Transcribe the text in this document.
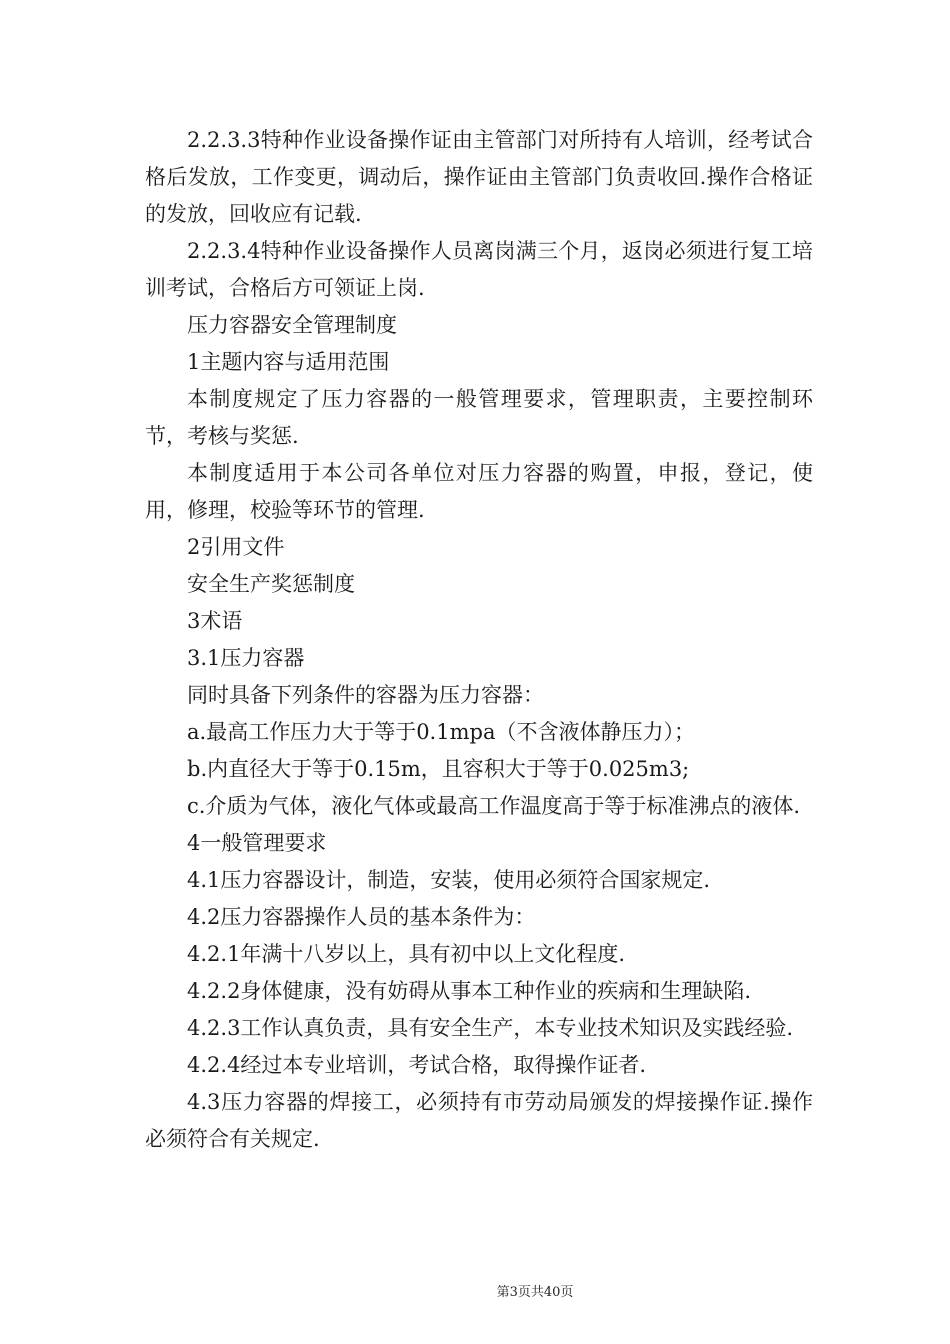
2.2.3.3特种作业设备操作证由主管部门对所持有人培训，经考试合格后发放，工作变更，调动后，操作证由主管部门负责收回.操作合格证的发放，回收应有记载.

2.2.3.4特种作业设备操作人员离岗满三个月，返岗必须进行复工培训考试，合格后方可领证上岗.

压力容器安全管理制度

1主题内容与适用范围

本制度规定了压力容器的一般管理要求，管理职责，主要控制环节，考核与奖惩.

本制度适用于本公司各单位对压力容器的购置，申报，登记，使用，修理，校验等环节的管理.

2引用文件

安全生产奖惩制度

3术语

3.1压力容器

同时具备下列条件的容器为压力容器：

a.最高工作压力大于等于0.1mpa（不含液体静压力）；

b.内直径大于等于0.15m，且容积大于等于0.025m3;

c.介质为气体，液化气体或最高工作温度高于等于标准沸点的液体.

4一般管理要求

4.1压力容器设计，制造，安装，使用必须符合国家规定.

4.2压力容器操作人员的基本条件为：

4.2.1年满十八岁以上，具有初中以上文化程度.

4.2.2身体健康，没有妨碍从事本工种作业的疾病和生理缺陷.

4.2.3工作认真负责，具有安全生产，本专业技术知识及实践经验.

4.2.4经过本专业培训，考试合格，取得操作证者.

4.3压力容器的焊接工，必须持有市劳动局颁发的焊接操作证.操作必须符合有关规定.

第3页共40页
